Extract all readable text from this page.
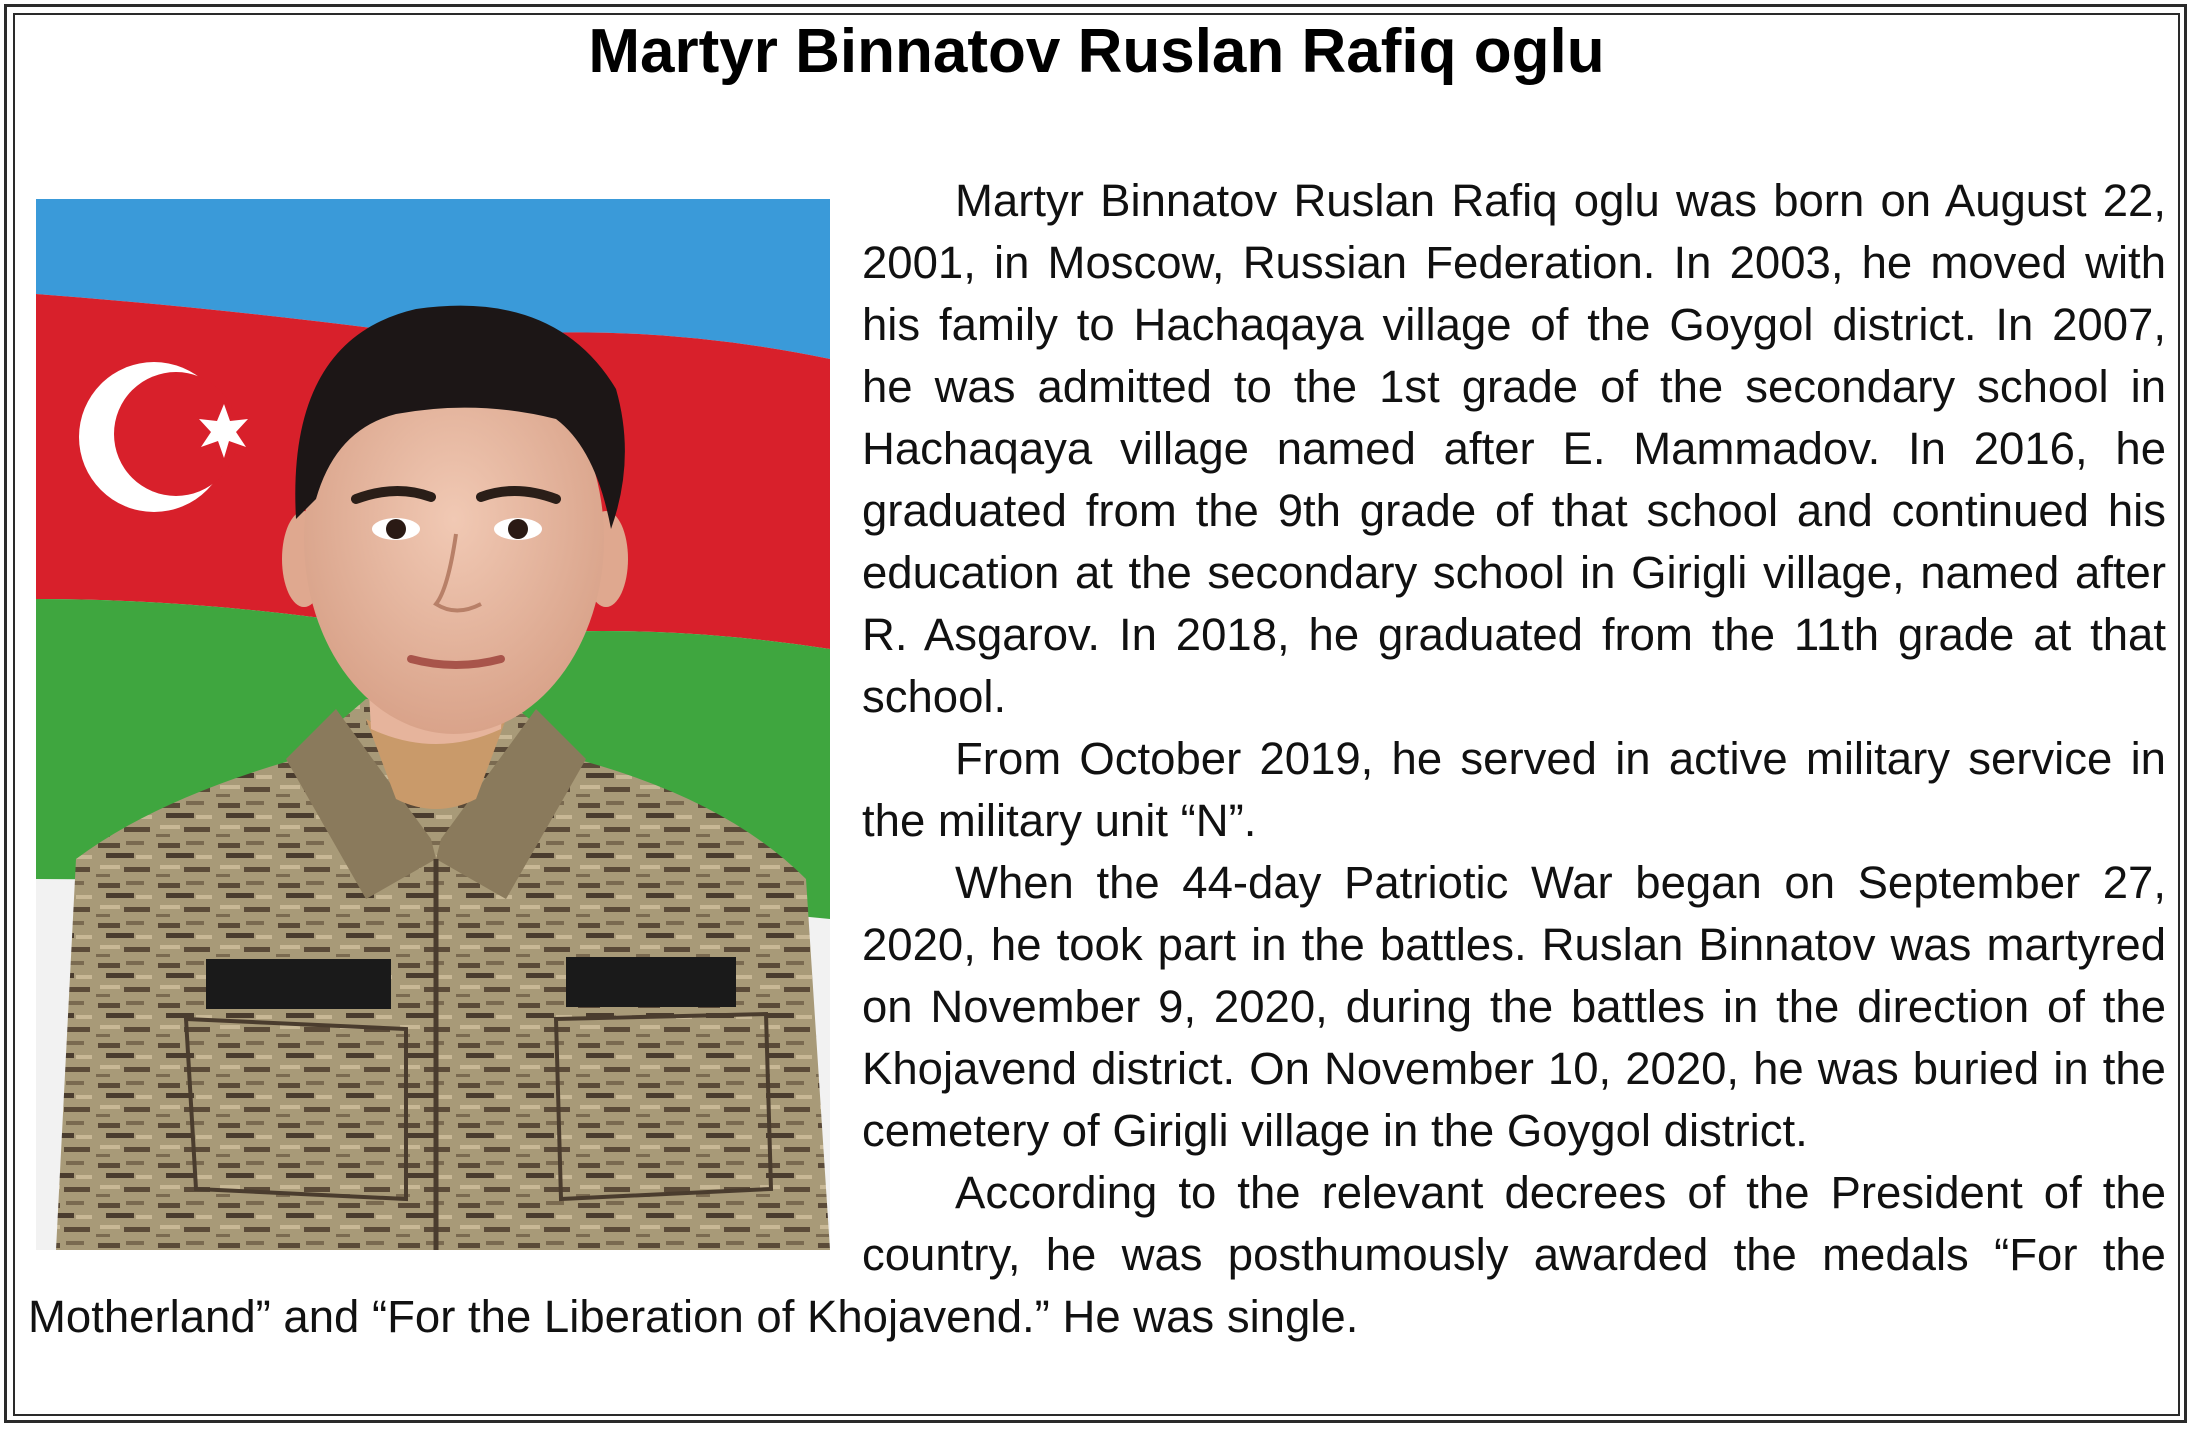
Martyr Binnatov Ruslan Rafiq oglu

Martyr Binnatov Ruslan Rafiq oglu was born on August 22, 2001, in Moscow, Russian Federation. In 2003, he moved with his family to Hachaqaya village of the Goygol district. In 2007, he was admitted to the 1st grade of the secondary school in Hachaqaya village named after E. Mammadov. In 2016, he graduated from the 9th grade of that school and continued his education at the secondary school in Girigli village, named after R. Asgarov. In 2018, he graduated from the 11th grade at that school.

From October 2019, he served in active military service in the military unit “N”.

When the 44-day Patriotic War began on September 27, 2020, he took part in the battles. Ruslan Binnatov was martyred on November 9, 2020, during the battles in the direction of the Khojavend district. On November 10, 2020, he was buried in the cemetery of Girigli village in the Goygol district.

According to the relevant decrees of the President of the country, he was posthumously awarded the medals “For the Motherland” and “For the Liberation of Khojavend.” He was single.
